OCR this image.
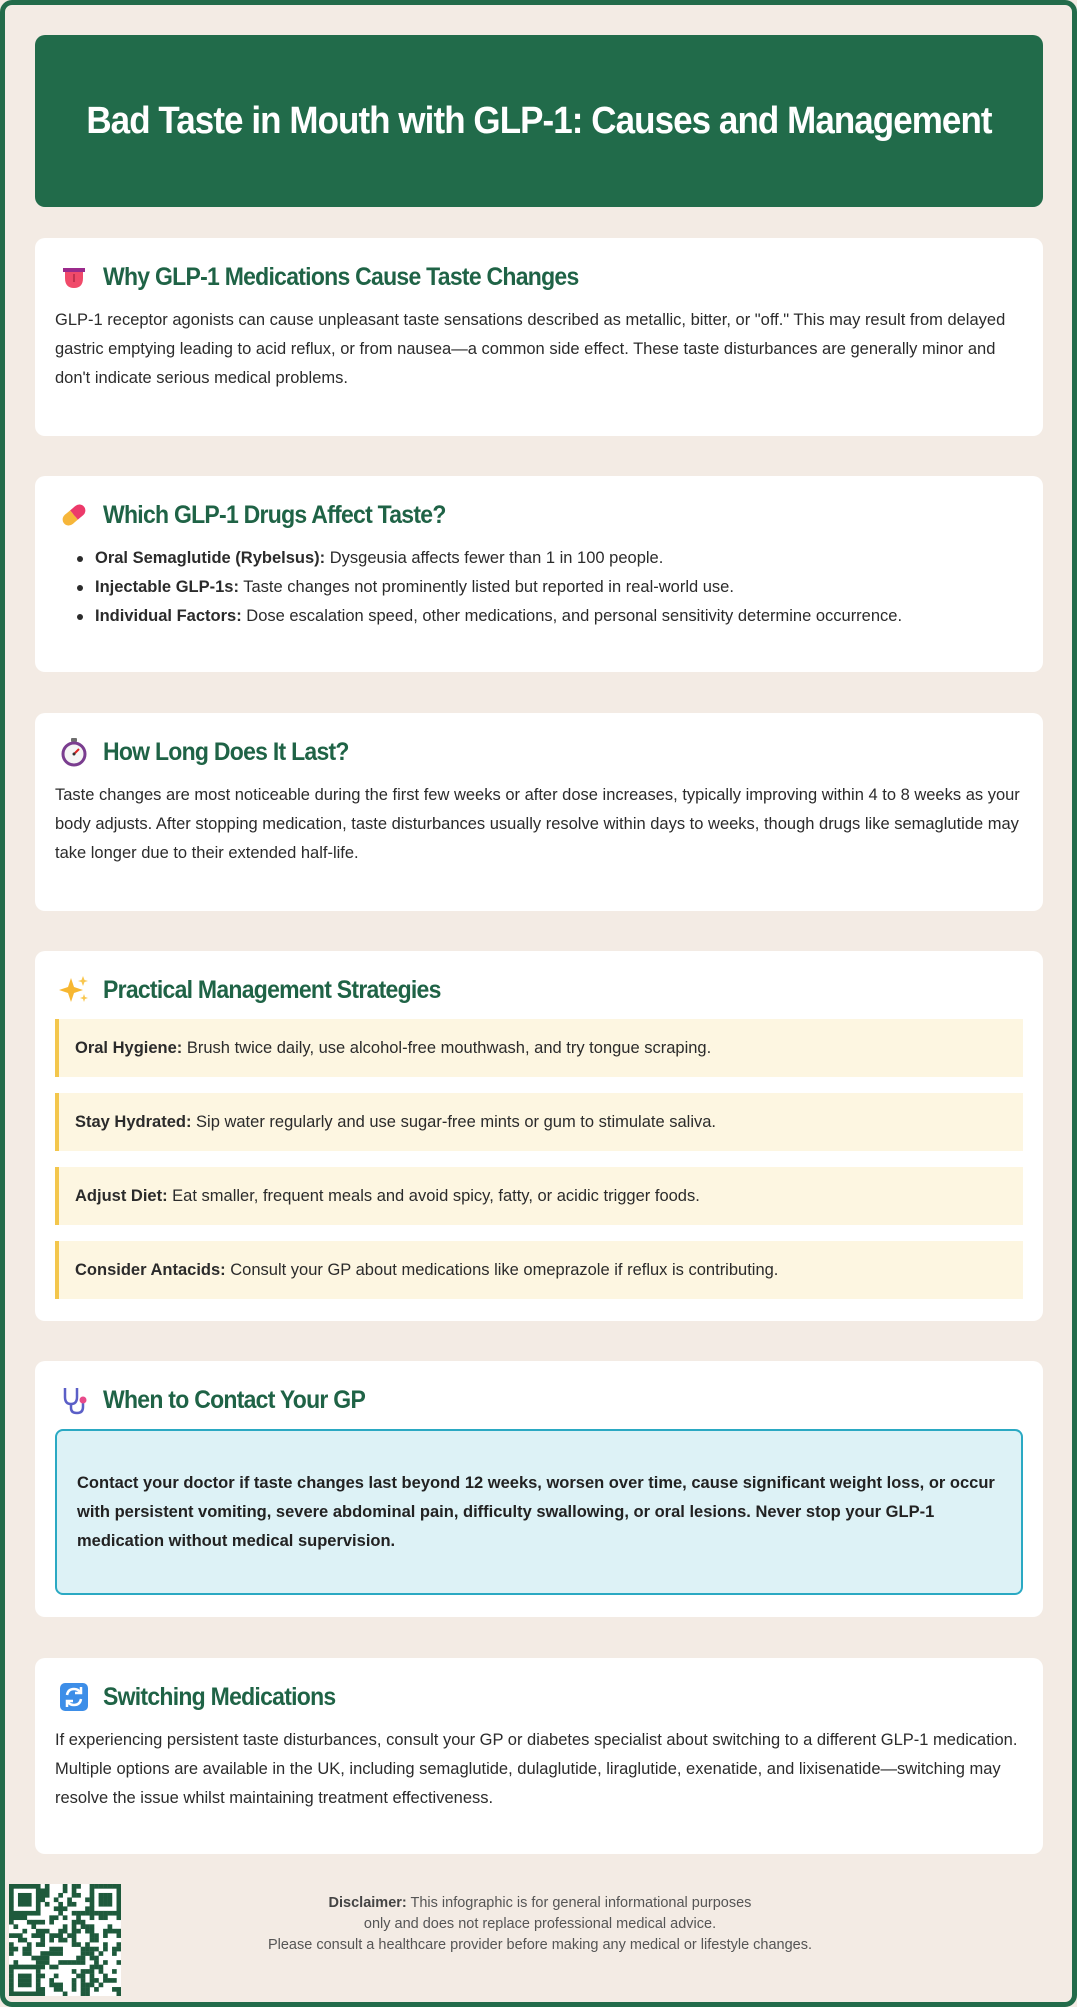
Bad Taste in Mouth with GLP-1: Causes and Management
Why GLP-1 Medications Cause Taste Changes

GLP-1 receptor agonists can cause unpleasant taste sensations described as metallic, bitter, or "off." This may result from delayed gastric emptying leading to acid reflux, or from nausea—a common side effect. These taste disturbances are generally minor and don't indicate serious medical problems.

Which GLP-1 Drugs Affect Taste?
Oral Semaglutide (Rybelsus): Dysgeusia affects fewer than 1 in 100 people.
Injectable GLP-1s: Taste changes not prominently listed but reported in real-world use.
Individual Factors: Dose escalation speed, other medications, and personal sensitivity determine occurrence.
How Long Does It Last?

Taste changes are most noticeable during the first few weeks or after dose increases, typically improving within 4 to 8 weeks as your body adjusts. After stopping medication, taste disturbances usually resolve within days to weeks, though drugs like semaglutide may take longer due to their extended half-life.

Practical Management Strategies
Oral Hygiene: Brush twice daily, use alcohol-free mouthwash, and try tongue scraping.
Stay Hydrated: Sip water regularly and use sugar-free mints or gum to stimulate saliva.
Adjust Diet: Eat smaller, frequent meals and avoid spicy, fatty, or acidic trigger foods.
Consider Antacids: Consult your GP about medications like omeprazole if reflux is contributing.
When to Contact Your GP

Contact your doctor if taste changes last beyond 12 weeks, worsen over time, cause significant weight loss, or occur with persistent vomiting, severe abdominal pain, difficulty swallowing, or oral lesions. Never stop your GLP-1 medication without medical supervision.

Switching Medications

If experiencing persistent taste disturbances, consult your GP or diabetes specialist about switching to a different GLP-1 medication. Multiple options are available in the UK, including semaglutide, dulaglutide, liraglutide, exenatide, and lixisenatide—switching may resolve the issue whilst maintaining treatment effectiveness.

Disclaimer: This infographic is for general informational purposes
only and does not replace professional medical advice.
Please consult a healthcare provider before making any medical or lifestyle changes.
